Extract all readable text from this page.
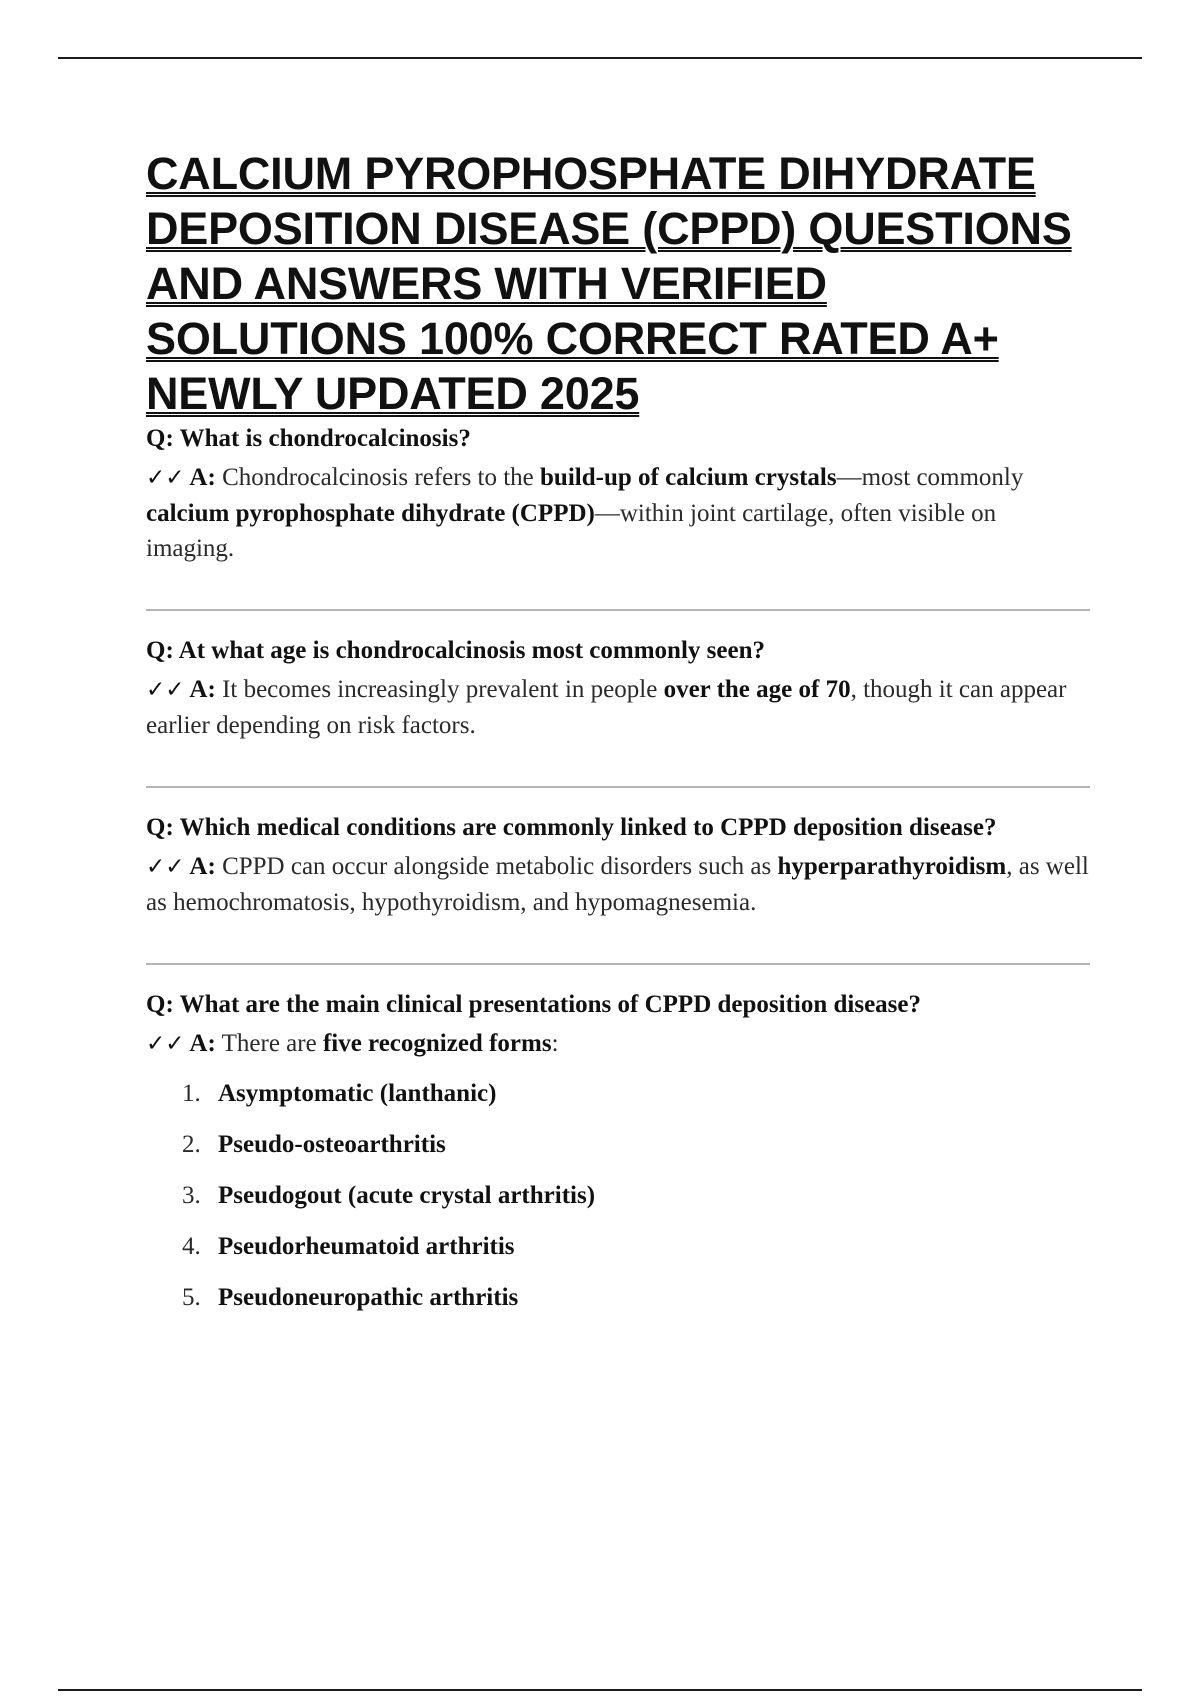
CALCIUM PYROPHOSPHATE DIHYDRATE DEPOSITION DISEASE (CPPD) QUESTIONS AND ANSWERS WITH VERIFIED SOLUTIONS 100% CORRECT RATED A+ NEWLY UPDATED 2025

Q: What is chondrocalcinosis?

✓✓ A: Chondrocalcinosis refers to the build-up of calcium crystals—most commonly calcium pyrophosphate dihydrate (CPPD)—within joint cartilage, often visible on imaging.

Q: At what age is chondrocalcinosis most commonly seen?

✓✓ A: It becomes increasingly prevalent in people over the age of 70, though it can appear earlier depending on risk factors.

Q: Which medical conditions are commonly linked to CPPD deposition disease?

✓✓ A: CPPD can occur alongside metabolic disorders such as hyperparathyroidism, as well as hemochromatosis, hypothyroidism, and hypomagnesemia.

Q: What are the main clinical presentations of CPPD deposition disease?

✓✓ A: There are five recognized forms:

1. Asymptomatic (lanthanic)
2. Pseudo-osteoarthritis
3. Pseudogout (acute crystal arthritis)
4. Pseudorheumatoid arthritis
5. Pseudoneuropathic arthritis
